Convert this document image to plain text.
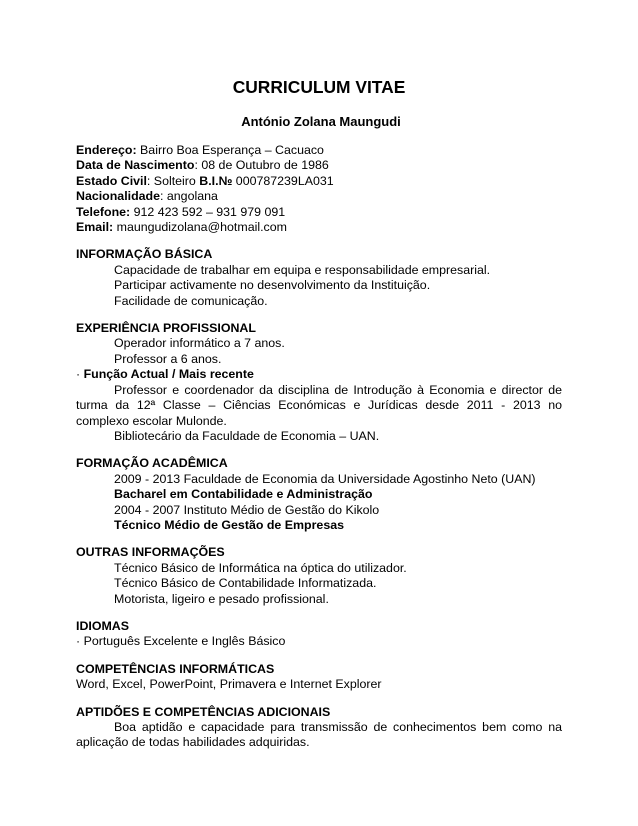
CURRICULUM VITAE
António Zolana Maungudi
Endereço: Bairro Boa Esperança – Cacuaco
Data de Nascimento: 08 de Outubro de 1986
Estado Civil: Solteiro B.I.№ 000787239LA031
Nacionalidade: angolana
Telefone: 912 423 592 – 931 979 091
Email: maungudizolana@hotmail.com
INFORMAÇÃO BÁSICA
Capacidade de trabalhar em equipa e responsabilidade empresarial.
Participar activamente no desenvolvimento da Instituição.
Facilidade de comunicação.
EXPERIÊNCIA PROFISSIONAL
Operador informático a 7 anos.
Professor a 6 anos.
· Função Actual / Mais recente
Professor e coordenador da disciplina de Introdução à Economia e director de turma da 12ª Classe – Ciências Económicas e Jurídicas desde 2011 - 2013 no complexo escolar Mulonde.
Bibliotecário da Faculdade de Economia – UAN.
FORMAÇÃO ACADÊMICA
2009 - 2013 Faculdade de Economia da Universidade Agostinho Neto (UAN)
Bacharel em Contabilidade e Administração
2004 - 2007 Instituto Médio de Gestão do Kikolo
Técnico Médio de Gestão de Empresas
OUTRAS INFORMAÇÕES
Técnico Básico de Informática na óptica do utilizador.
Técnico Básico de Contabilidade Informatizada.
Motorista, ligeiro e pesado profissional.
IDIOMAS
· Português Excelente e Inglês Básico
COMPETÊNCIAS INFORMÁTICAS
Word, Excel, PowerPoint, Primavera e Internet Explorer
APTIDÕES E COMPETÊNCIAS ADICIONAIS
Boa aptidão e capacidade para transmissão de conhecimentos bem como na aplicação de todas habilidades adquiridas.
